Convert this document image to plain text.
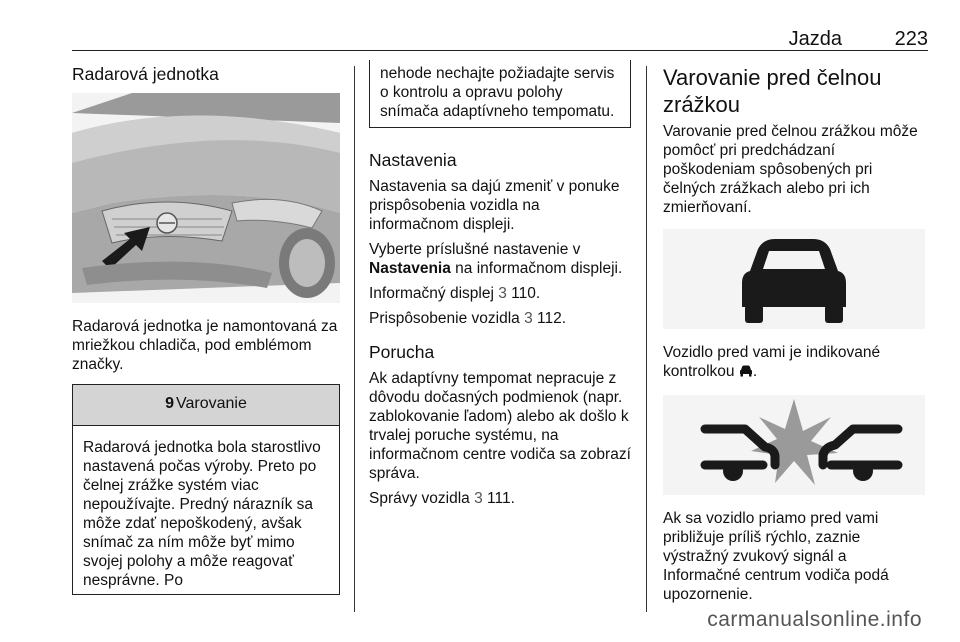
Jazda	223
Radarová jednotka

Radarová jednotka je namontovaná za mriežkou chladiča, pod emblémom značky.

9 Varovanie

Radarová jednotka bola starostlivo nastavená počas výroby. Preto po čelnej zrážke systém viac nepoužívajte. Predný nárazník sa môže zdať nepoškodený, avšak snímač za ním môže byť mimo svojej polohy a môže reagovať nesprávne. Po

nehode nechajte požiadajte servis o kontrolu a opravu polohy snímača adaptívneho tempomatu.

Nastavenia

Nastavenia sa dajú zmeniť v ponuke prispôsobenia vozidla na informačnom displeji.

Vyberte príslušné nastavenie v Nastavenia na informačnom displeji.

Informačný displej 3 110.

Prispôsobenie vozidla 3 112.

Porucha

Ak adaptívny tempomat nepracuje z dôvodu dočasných podmienok (napr. zablokovanie ľadom) alebo ak došlo k trvalej poruche systému, na informačnom centre vodiča sa zobrazí správa.

Správy vozidla 3 111.

Varovanie pred čelnou zrážkou

Varovanie pred čelnou zrážkou môže pomôcť pri predchádzaní poškodeniam spôsobených pri čelných zrážkach alebo pri ich zmierňovaní.

Vozidlo pred vami je indikované kontrolkou .

Ak sa vozidlo priamo pred vami približuje príliš rýchlo, zaznie výstražný zvukový signál a Informačné centrum vodiča podá upozornenie.

carmanualsonline.info
